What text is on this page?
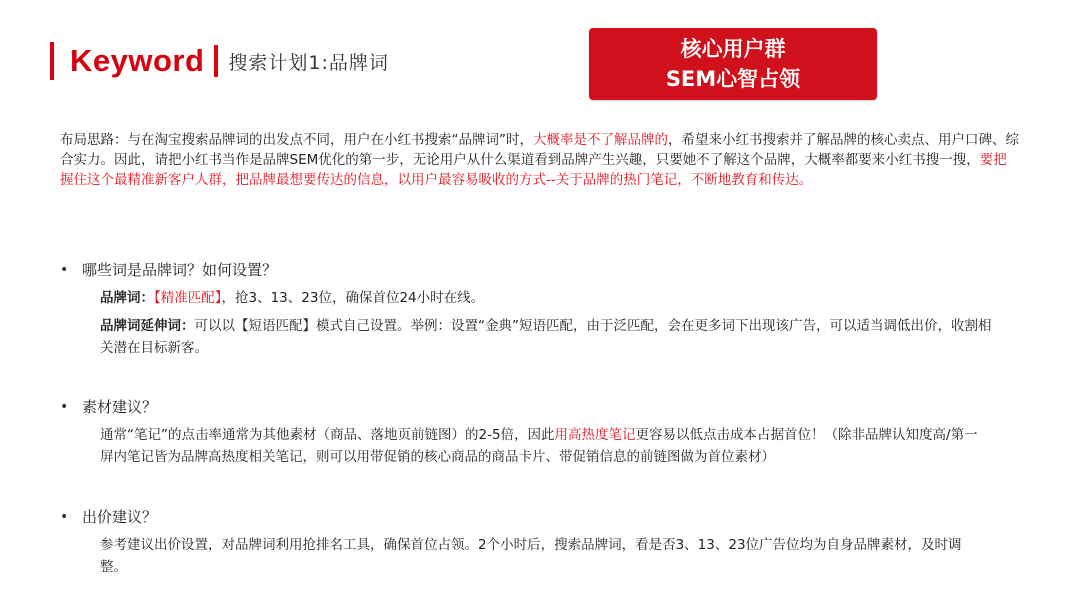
Keyword 搜索计划1:品牌词
核心用户群
SEM心智占领
布局思路：与在淘宝搜索品牌词的出发点不同，用户在小红书搜索“品牌词”时，大概率是不了解品牌的，希望来小红书搜索并了解品牌的核心卖点、用户口碑、综合实力。因此，请把小红书当作是品牌SEM优化的第一步，无论用户从什么渠道看到品牌产生兴趣，只要她不了解这个品牌，大概率都要来小红书搜一搜，要把握住这个最精准新客户人群，把品牌最想要传达的信息，以用户最容易吸收的方式--关于品牌的热门笔记，不断地教育和传达。
• 哪些词是品牌词？如何设置？

品牌词：【精准匹配】，抢3、13、23位，确保首位24小时在线。

品牌词延伸词：可以以【短语匹配】模式自己设置。举例：设置“金典”短语匹配，由于泛匹配，会在更多词下出现该广告，可以适当调低出价，收割相关潜在目标新客。

• 素材建议？

通常“笔记”的点击率通常为其他素材（商品、落地页前链图）的2-5倍，因此用高热度笔记更容易以低点击成本占据首位！（除非品牌认知度高/第一屏内笔记皆为品牌高热度相关笔记，则可以用带促销的核心商品的商品卡片、带促销信息的前链图做为首位素材）

• 出价建议？

参考建议出价设置，对品牌词利用抢排名工具，确保首位占领。2个小时后，搜索品牌词，看是否3、13、23位广告位均为自身品牌素材，及时调整。
